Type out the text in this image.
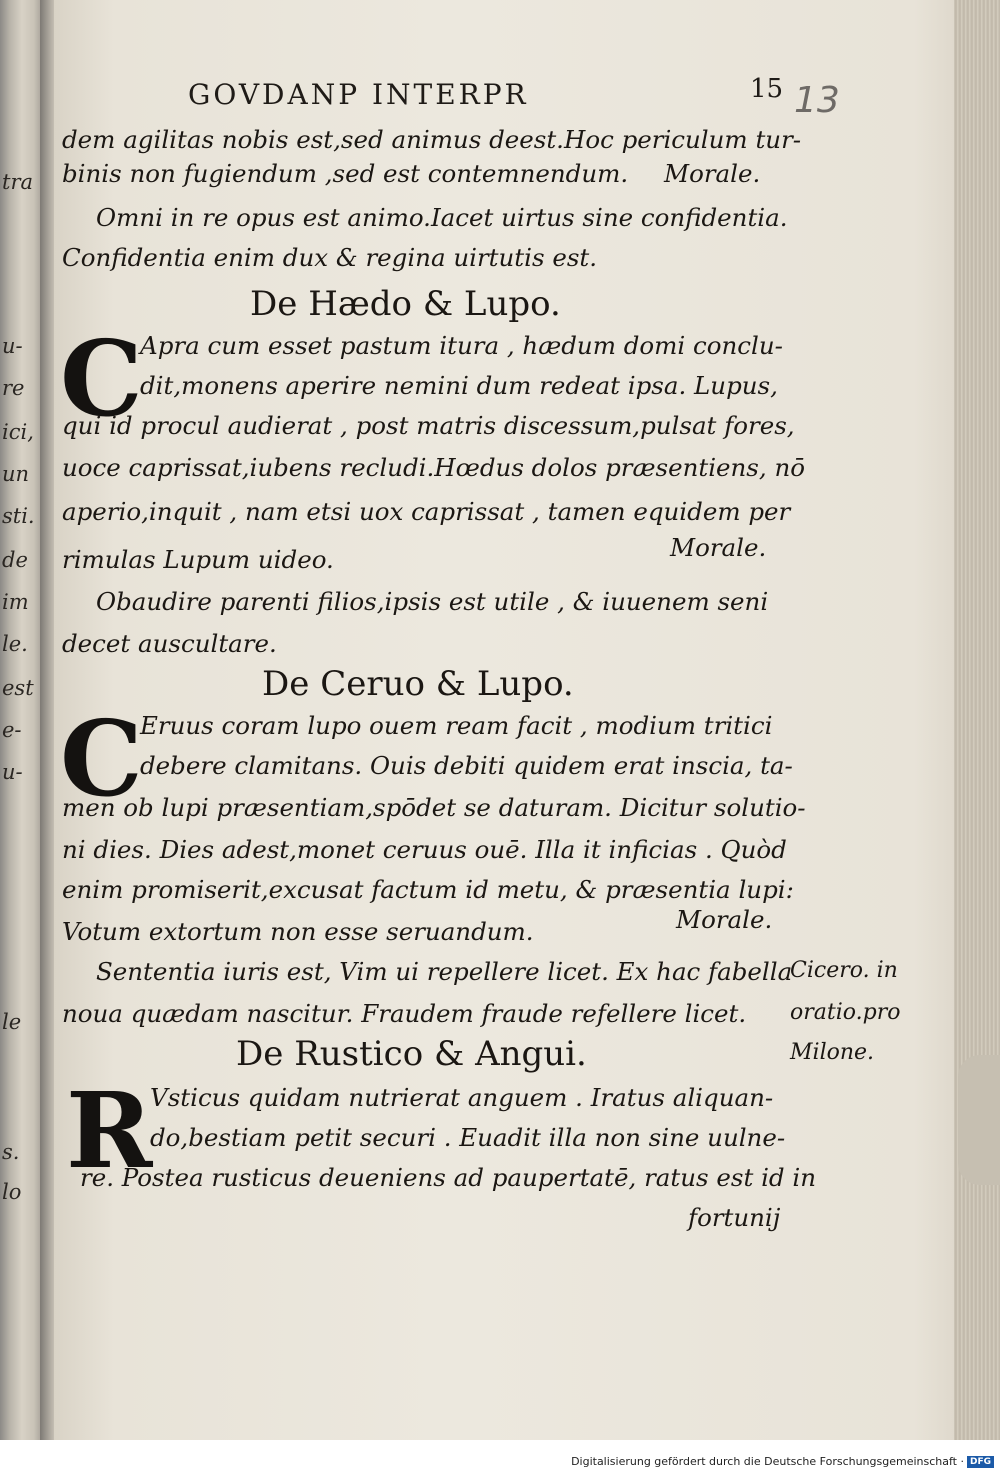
tra
u-
re
ici,
un
sti.
de
im
le.
est
e-
u-
le
s.
lo
GOVDANP INTERPR	15 13
dem agilitas nobis est,sed animus deest.Hoc periculum tur-
binis non fugiendum ,sed est contemnendum. Morale.
Omni in re opus est animo.Iacet uirtus sine confidentia.
Confidentia enim dux & regina uirtutis est.
De Hædo & Lupo.
C
Apra cum esset pastum itura , hædum domi conclu-
dit,monens aperire nemini dum redeat ipsa. Lupus,
qui id procul audierat , post matris discessum,pulsat fores,
uoce caprissat,iubens recludi.Hœdus dolos præsentiens, nō
aperio,inquit , nam etsi uox caprissat , tamen equidem per
rimulas Lupum uideo.	Morale.
Obaudire parenti filios,ipsis est utile , & iuuenem seni
decet auscultare.
De Ceruo & Lupo.
C
Eruus coram lupo ouem ream facit , modium tritici
debere clamitans. Ouis debiti quidem erat inscia, ta-
men ob lupi præsentiam,spōdet se daturam. Dicitur solutio-
ni dies. Dies adest,monet ceruus ouē. Illa it inficias . Quòd
enim promiserit,excusat factum id metu, & præsentia lupi:
Votum extortum non esse seruandum.	Morale.
Sententia iuris est, Vim ui repellere licet. Ex hac fabella
noua quædam nascitur. Fraudem fraude refellere licet.
Cicero. in
oratio.pro
Milone.
De Rustico & Angui.
R
Vsticus quidam nutrierat anguem . Iratus aliquan-
do,bestiam petit securi . Euadit illa non sine uulne-
re. Postea rusticus deueniens ad paupertatē, ratus est id in
fortunij
Digitalisierung gefördert durch die Deutsche Forschungsgemeinschaft · DFG
